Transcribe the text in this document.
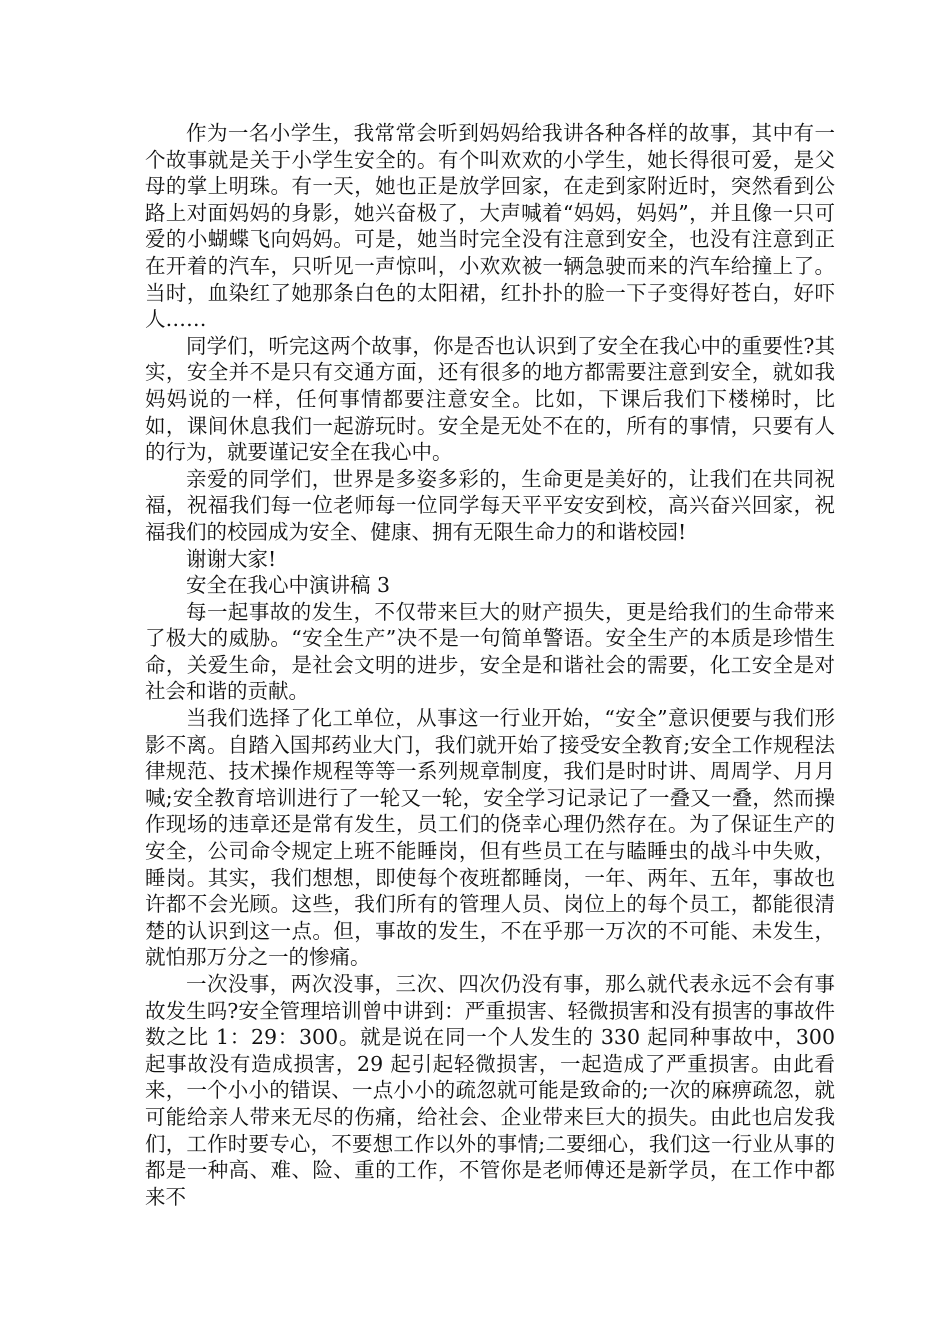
作为一名小学生，我常常会听到妈妈给我讲各种各样的故事，其中有一个故事就是关于小学生安全的。有个叫欢欢的小学生，她长得很可爱，是父母的掌上明珠。有一天，她也正是放学回家，在走到家附近时，突然看到公路上对面妈妈的身影，她兴奋极了，大声喊着“妈妈，妈妈”，并且像一只可爱的小蝴蝶飞向妈妈。可是，她当时完全没有注意到安全，也没有注意到正在开着的汽车，只听见一声惊叫，小欢欢被一辆急驶而来的汽车给撞上了。当时，血染红了她那条白色的太阳裙，红扑扑的脸一下子变得好苍白，好吓人……

同学们，听完这两个故事，你是否也认识到了安全在我心中的重要性?其实，安全并不是只有交通方面，还有很多的地方都需要注意到安全，就如我妈妈说的一样，任何事情都要注意安全。比如，下课后我们下楼梯时，比如，课间休息我们一起游玩时。安全是无处不在的，所有的事情，只要有人的行为，就要谨记安全在我心中。

亲爱的同学们，世界是多姿多彩的，生命更是美好的，让我们在共同祝福，祝福我们每一位老师每一位同学每天平平安安到校，高兴奋兴回家，祝福我们的校园成为安全、健康、拥有无限生命力的和谐校园!

谢谢大家!

安全在我心中演讲稿 3

每一起事故的发生，不仅带来巨大的财产损失，更是给我们的生命带来了极大的威胁。“安全生产”决不是一句简单警语。安全生产的本质是珍惜生命，关爱生命，是社会文明的进步，安全是和谐社会的需要，化工安全是对社会和谐的贡献。

当我们选择了化工单位，从事这一行业开始，“安全”意识便要与我们形影不离。自踏入国邦药业大门，我们就开始了接受安全教育;安全工作规程法律规范、技术操作规程等等一系列规章制度，我们是时时讲、周周学、月月喊;安全教育培训进行了一轮又一轮，安全学习记录记了一叠又一叠，然而操作现场的违章还是常有发生，员工们的侥幸心理仍然存在。为了保证生产的安全，公司命令规定上班不能睡岗，但有些员工在与瞌睡虫的战斗中失败，睡岗。其实，我们想想，即使每个夜班都睡岗，一年、两年、五年，事故也许都不会光顾。这些，我们所有的管理人员、岗位上的每个员工，都能很清楚的认识到这一点。但，事故的发生，不在乎那一万次的不可能、未发生，就怕那万分之一的惨痛。

一次没事，两次没事，三次、四次仍没有事，那么就代表永远不会有事故发生吗?安全管理培训曾中讲到：严重损害、轻微损害和没有损害的事故件数之比 1：29：300。就是说在同一个人发生的 330 起同种事故中，300 起事故没有造成损害，29 起引起轻微损害，一起造成了严重损害。由此看来，一个小小的错误、一点小小的疏忽就可能是致命的;一次的麻痹疏忽，就可能给亲人带来无尽的伤痛，给社会、企业带来巨大的损失。由此也启发我们，工作时要专心，不要想工作以外的事情;二要细心，我们这一行业从事的都是一种高、难、险、重的工作，不管你是老师傅还是新学员，在工作中都来不
